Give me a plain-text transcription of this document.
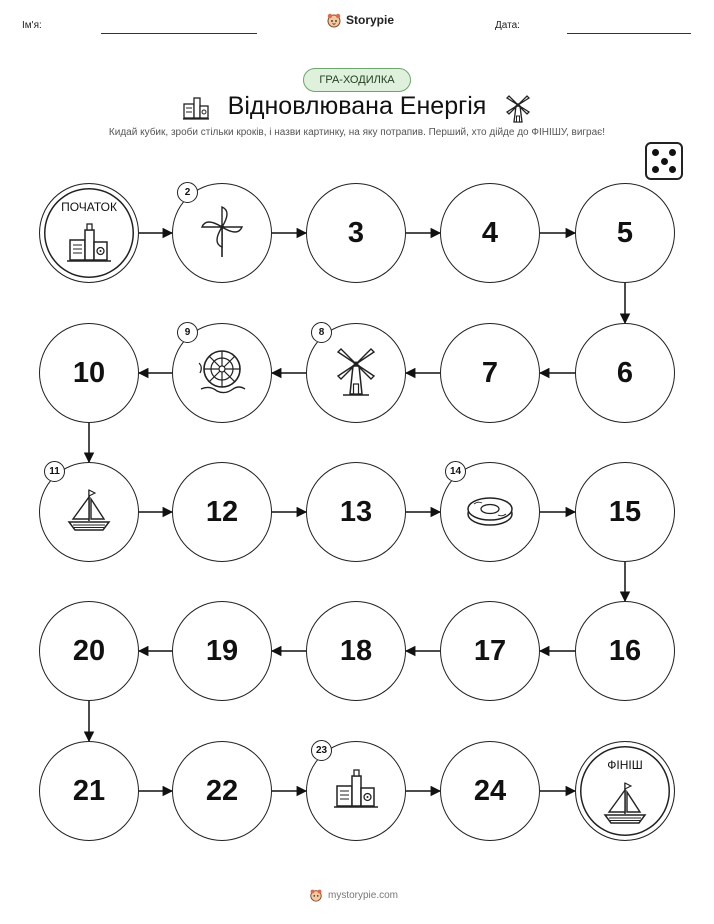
Ім'я:	Storypie	Дата:
ГРА-ХОДИЛКА
Відновлювана Енергія
Кидай кубик, зроби стільки кроків, і назви картинку, на яку потрапив. Перший, хто дійде до ФІНІШУ, виграє!
ПОЧАТОК
2
3	4	5
6
7
8
9
10
11
12	13
14
15
16
17
18
19
20
21	22
23
24
ФІНІШ
mystorypie.com
